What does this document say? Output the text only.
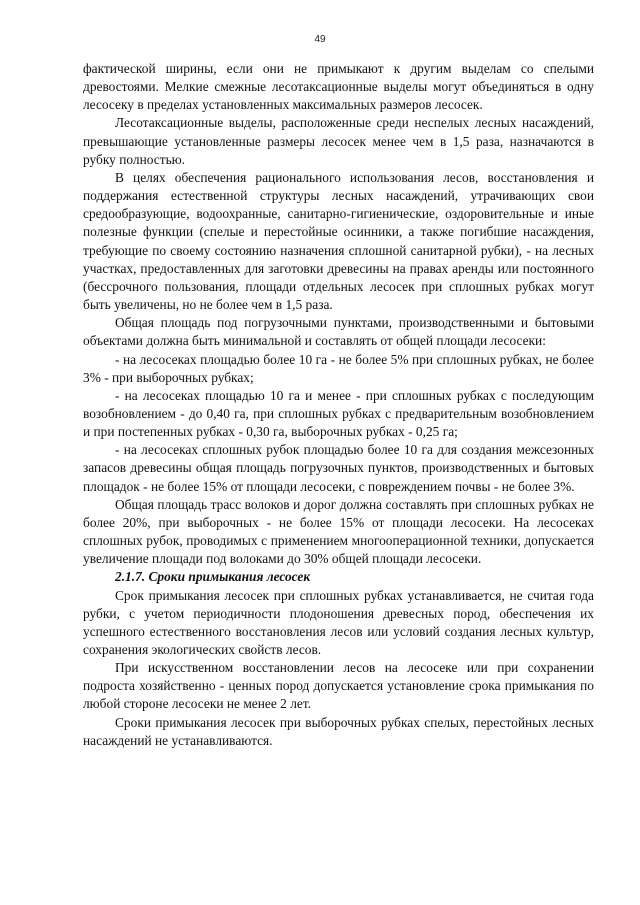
49

фактической ширины, если они не примыкают к другим выделам со спелыми древостоями. Мелкие смежные лесотаксационные выделы могут объединяться в одну лесосеку в пределах установленных максимальных размеров лесосек.

Лесотаксационные выделы, расположенные среди неспелых лесных насаждений, превышающие установленные размеры лесосек менее чем в 1,5 раза, назначаются в рубку полностью.

В целях обеспечения рационального использования лесов, восстановления и поддержания естественной структуры лесных насаждений, утрачивающих свои средообразующие, водоохранные, санитарно-гигиенические, оздоровительные и иные полезные функции (спелые и перестойные осинники, а также погибшие насаждения, требующие по своему состоянию назначения сплошной санитарной рубки), - на лесных участках, предоставленных для заготовки древесины на правах аренды или постоянного (бессрочного пользования, площади отдельных лесосек при сплошных рубках могут быть увеличены, но не более чем в 1,5 раза.

Общая площадь под погрузочными пунктами, производственными и бытовыми объектами должна быть минимальной и составлять от общей площади лесосеки:

- на лесосеках площадью более 10 га - не более 5% при сплошных рубках, не более 3% - при выборочных рубках;

- на лесосеках площадью 10 га и менее - при сплошных рубках с последующим возобновлением - до 0,40 га, при сплошных рубках с предварительным возобновлением и при постепенных рубках - 0,30 га, выборочных рубках - 0,25 га;

- на лесосеках сплошных рубок площадью более 10 га для создания межсезонных запасов древесины общая площадь погрузочных пунктов, производственных и бытовых площадок - не более 15% от площади лесосеки, с повреждением почвы - не более 3%.

Общая площадь трасс волоков и дорог должна составлять при сплошных рубках не более 20%, при выборочных - не более 15% от площади лесосеки. На лесосеках сплошных рубок, проводимых с применением многооперационной техники, допускается увеличение площади под волоками до 30% общей площади лесосеки.

2.1.7. Сроки примыкания лесосек

Срок примыкания лесосек при сплошных рубках устанавливается, не считая года рубки, с учетом периодичности плодоношения древесных пород, обеспечения их успешного естественного восстановления лесов или условий создания лесных культур, сохранения экологических свойств лесов.

При искусственном восстановлении лесов на лесосеке или при сохранении подроста хозяйственно - ценных пород допускается установление срока примыкания по любой стороне лесосеки не менее 2 лет.

Сроки примыкания лесосек при выборочных рубках спелых, перестойных лесных насаждений не устанавливаются.
